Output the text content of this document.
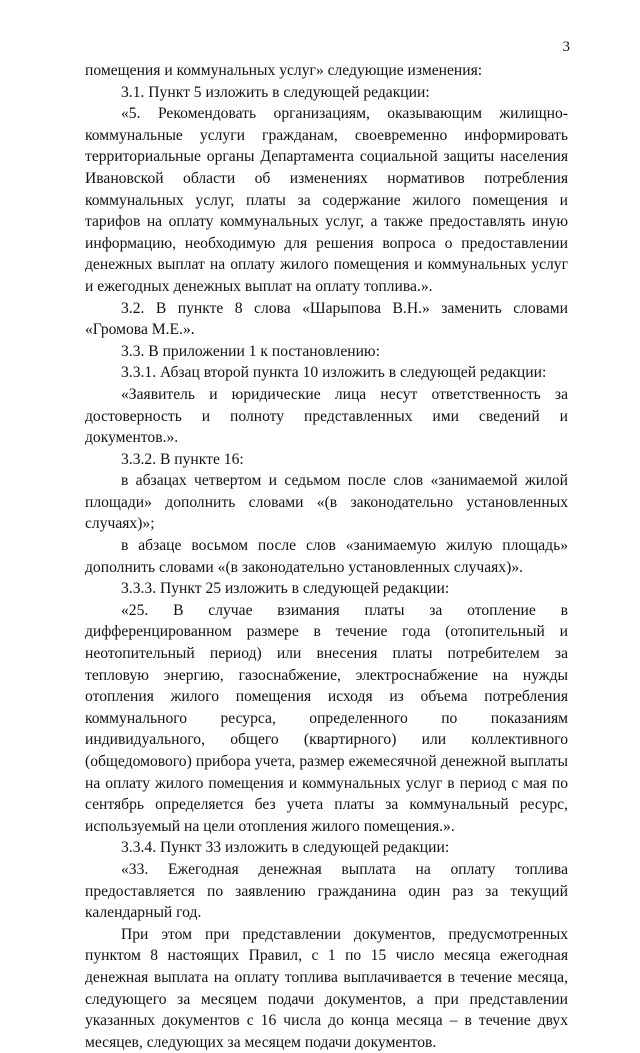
3

помещения и коммунальных услуг» следующие изменения:

3.1. Пункт 5 изложить в следующей редакции:

«5. Рекомендовать организациям, оказывающим жилищно-коммунальные услуги гражданам, своевременно информировать территориальные органы Департамента социальной защиты населения Ивановской области об изменениях нормативов потребления коммунальных услуг, платы за содержание жилого помещения и тарифов на оплату коммунальных услуг, а также предоставлять иную информацию, необходимую для решения вопроса о предоставлении денежных выплат на оплату жилого помещения и коммунальных услуг и ежегодных денежных выплат на оплату топлива.».

3.2. В пункте 8 слова «Шарыпова В.Н.» заменить словами «Громова М.Е.».

3.3. В приложении 1 к постановлению:

3.3.1. Абзац второй пункта 10 изложить в следующей редакции:

«Заявитель и юридические лица несут ответственность за достоверность и полноту представленных ими сведений и документов.».

3.3.2. В пункте 16:

в абзацах четвертом и седьмом после слов «занимаемой жилой площади» дополнить словами «(в законодательно установленных случаях)»;

в абзаце восьмом после слов «занимаемую жилую площадь» дополнить словами «(в законодательно установленных случаях)».

3.3.3. Пункт 25 изложить в следующей редакции:

«25. В случае взимания платы за отопление в дифференцированном размере в течение года (отопительный и неотопительный период) или внесения платы потребителем за тепловую энергию, газоснабжение, электроснабжение на нужды отопления жилого помещения исходя из объема потребления коммунального ресурса, определенного по показаниям индивидуального, общего (квартирного) или коллективного (общедомового) прибора учета, размер ежемесячной денежной выплаты на оплату жилого помещения и коммунальных услуг в период с мая по сентябрь определяется без учета платы за коммунальный ресурс, используемый на цели отопления жилого помещения.».

3.3.4. Пункт 33 изложить в следующей редакции:

«33. Ежегодная денежная выплата на оплату топлива предоставляется по заявлению гражданина один раз за текущий календарный год.

При этом при представлении документов, предусмотренных пунктом 8 настоящих Правил, с 1 по 15 число месяца ежегодная денежная выплата на оплату топлива выплачивается в течение месяца, следующего за месяцем подачи документов, а при представлении указанных документов с 16 числа до конца месяца – в течение двух месяцев, следующих за месяцем подачи документов.
